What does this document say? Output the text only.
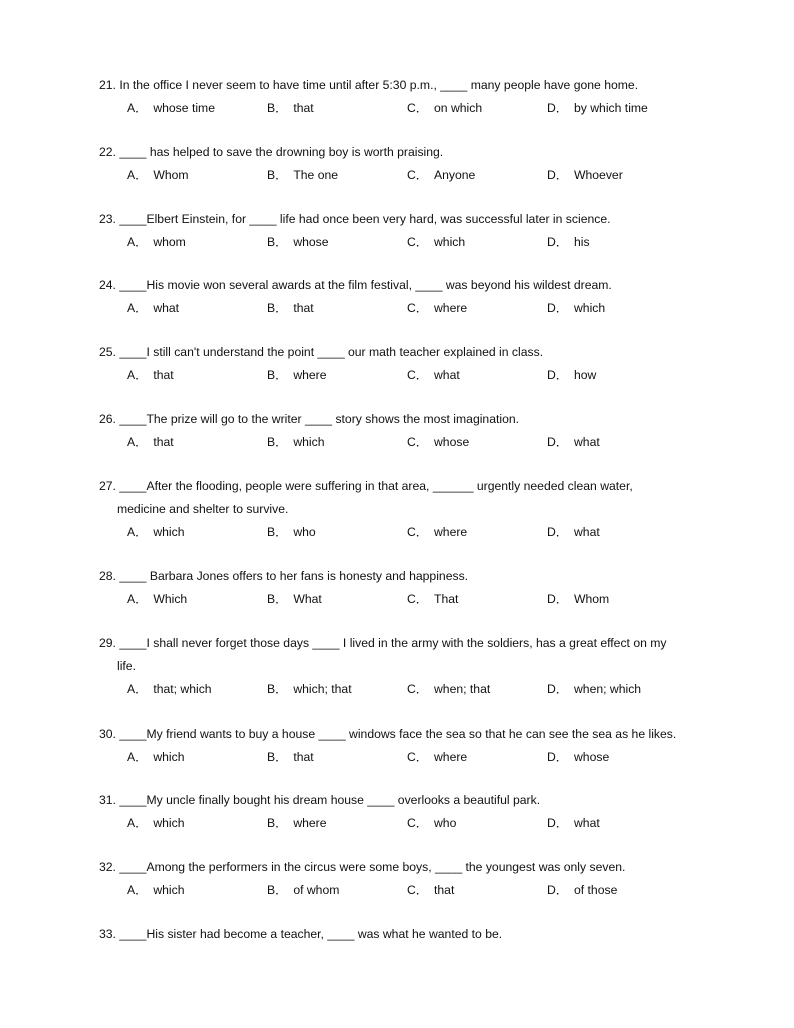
21. In the office I never seem to have time until after 5:30 p.m., ____ many people have gone home.
A． whose time	B． that	C． on which	D． by which time
22. ____ has helped to save the drowning boy is worth praising.
A． Whom	B． The one	C． Anyone	D． Whoever
23. ____Elbert Einstein, for ____ life had once been very hard, was successful later in science.
A． whom	B． whose	C． which	D． his
24. ____His movie won several awards at the film festival, ____ was beyond his wildest dream.
A． what	B． that	C． where	D． which
25. ____I still can't understand the point ____ our math teacher explained in class.
A． that	B． where	C． what	D． how
26. ____The prize will go to the writer ____ story shows the most imagination.
A． that	B． which	C． whose	D． what
27. ____After the flooding, people were suffering in that area, ______ urgently needed clean water,
medicine and shelter to survive.
A． which	B． who	C． where	D． what
28. ____ Barbara Jones offers to her fans is honesty and happiness.
A． Which	B． What	C． That	D． Whom
29. ____I shall never forget those days ____ I lived in the army with the soldiers, has a great effect on my
life.
A． that; which	B． which; that	C． when; that	D． when; which
30. ____My friend wants to buy a house ____ windows face the sea so that he can see the sea as he likes.
A． which	B． that	C． where	D． whose
31. ____My uncle finally bought his dream house ____ overlooks a beautiful park.
A． which	B． where	C． who	D． what
32. ____Among the performers in the circus were some boys, ____ the youngest was only seven.
A． which	B． of whom	C． that	D． of those
33. ____His sister had become a teacher, ____ was what he wanted to be.
